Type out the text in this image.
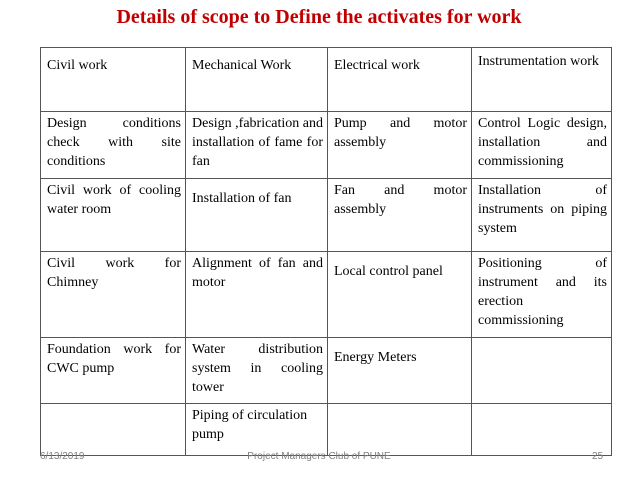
Details of scope to Define the activates for work
Civil work	Mechanical Work	Electrical work	Instrumentation work
Design conditions check with site conditions	Design ,fabrication and installation of fame for fan	Pump and motor assembly	Control Logic design, installation and commissioning
Civil work of cooling water room	Installation of fan	Fan and motor assembly	Installation of instruments on piping system
Civil work for Chimney	Alignment of fan and motor	Local control panel	Positioning of instrument and its erection commissioning
Foundation work for CWC pump	Water distribution system in cooling tower	Energy Meters	
	Piping of circulation pump		
6/13/2019	Project Managers Club of PUNE	25
